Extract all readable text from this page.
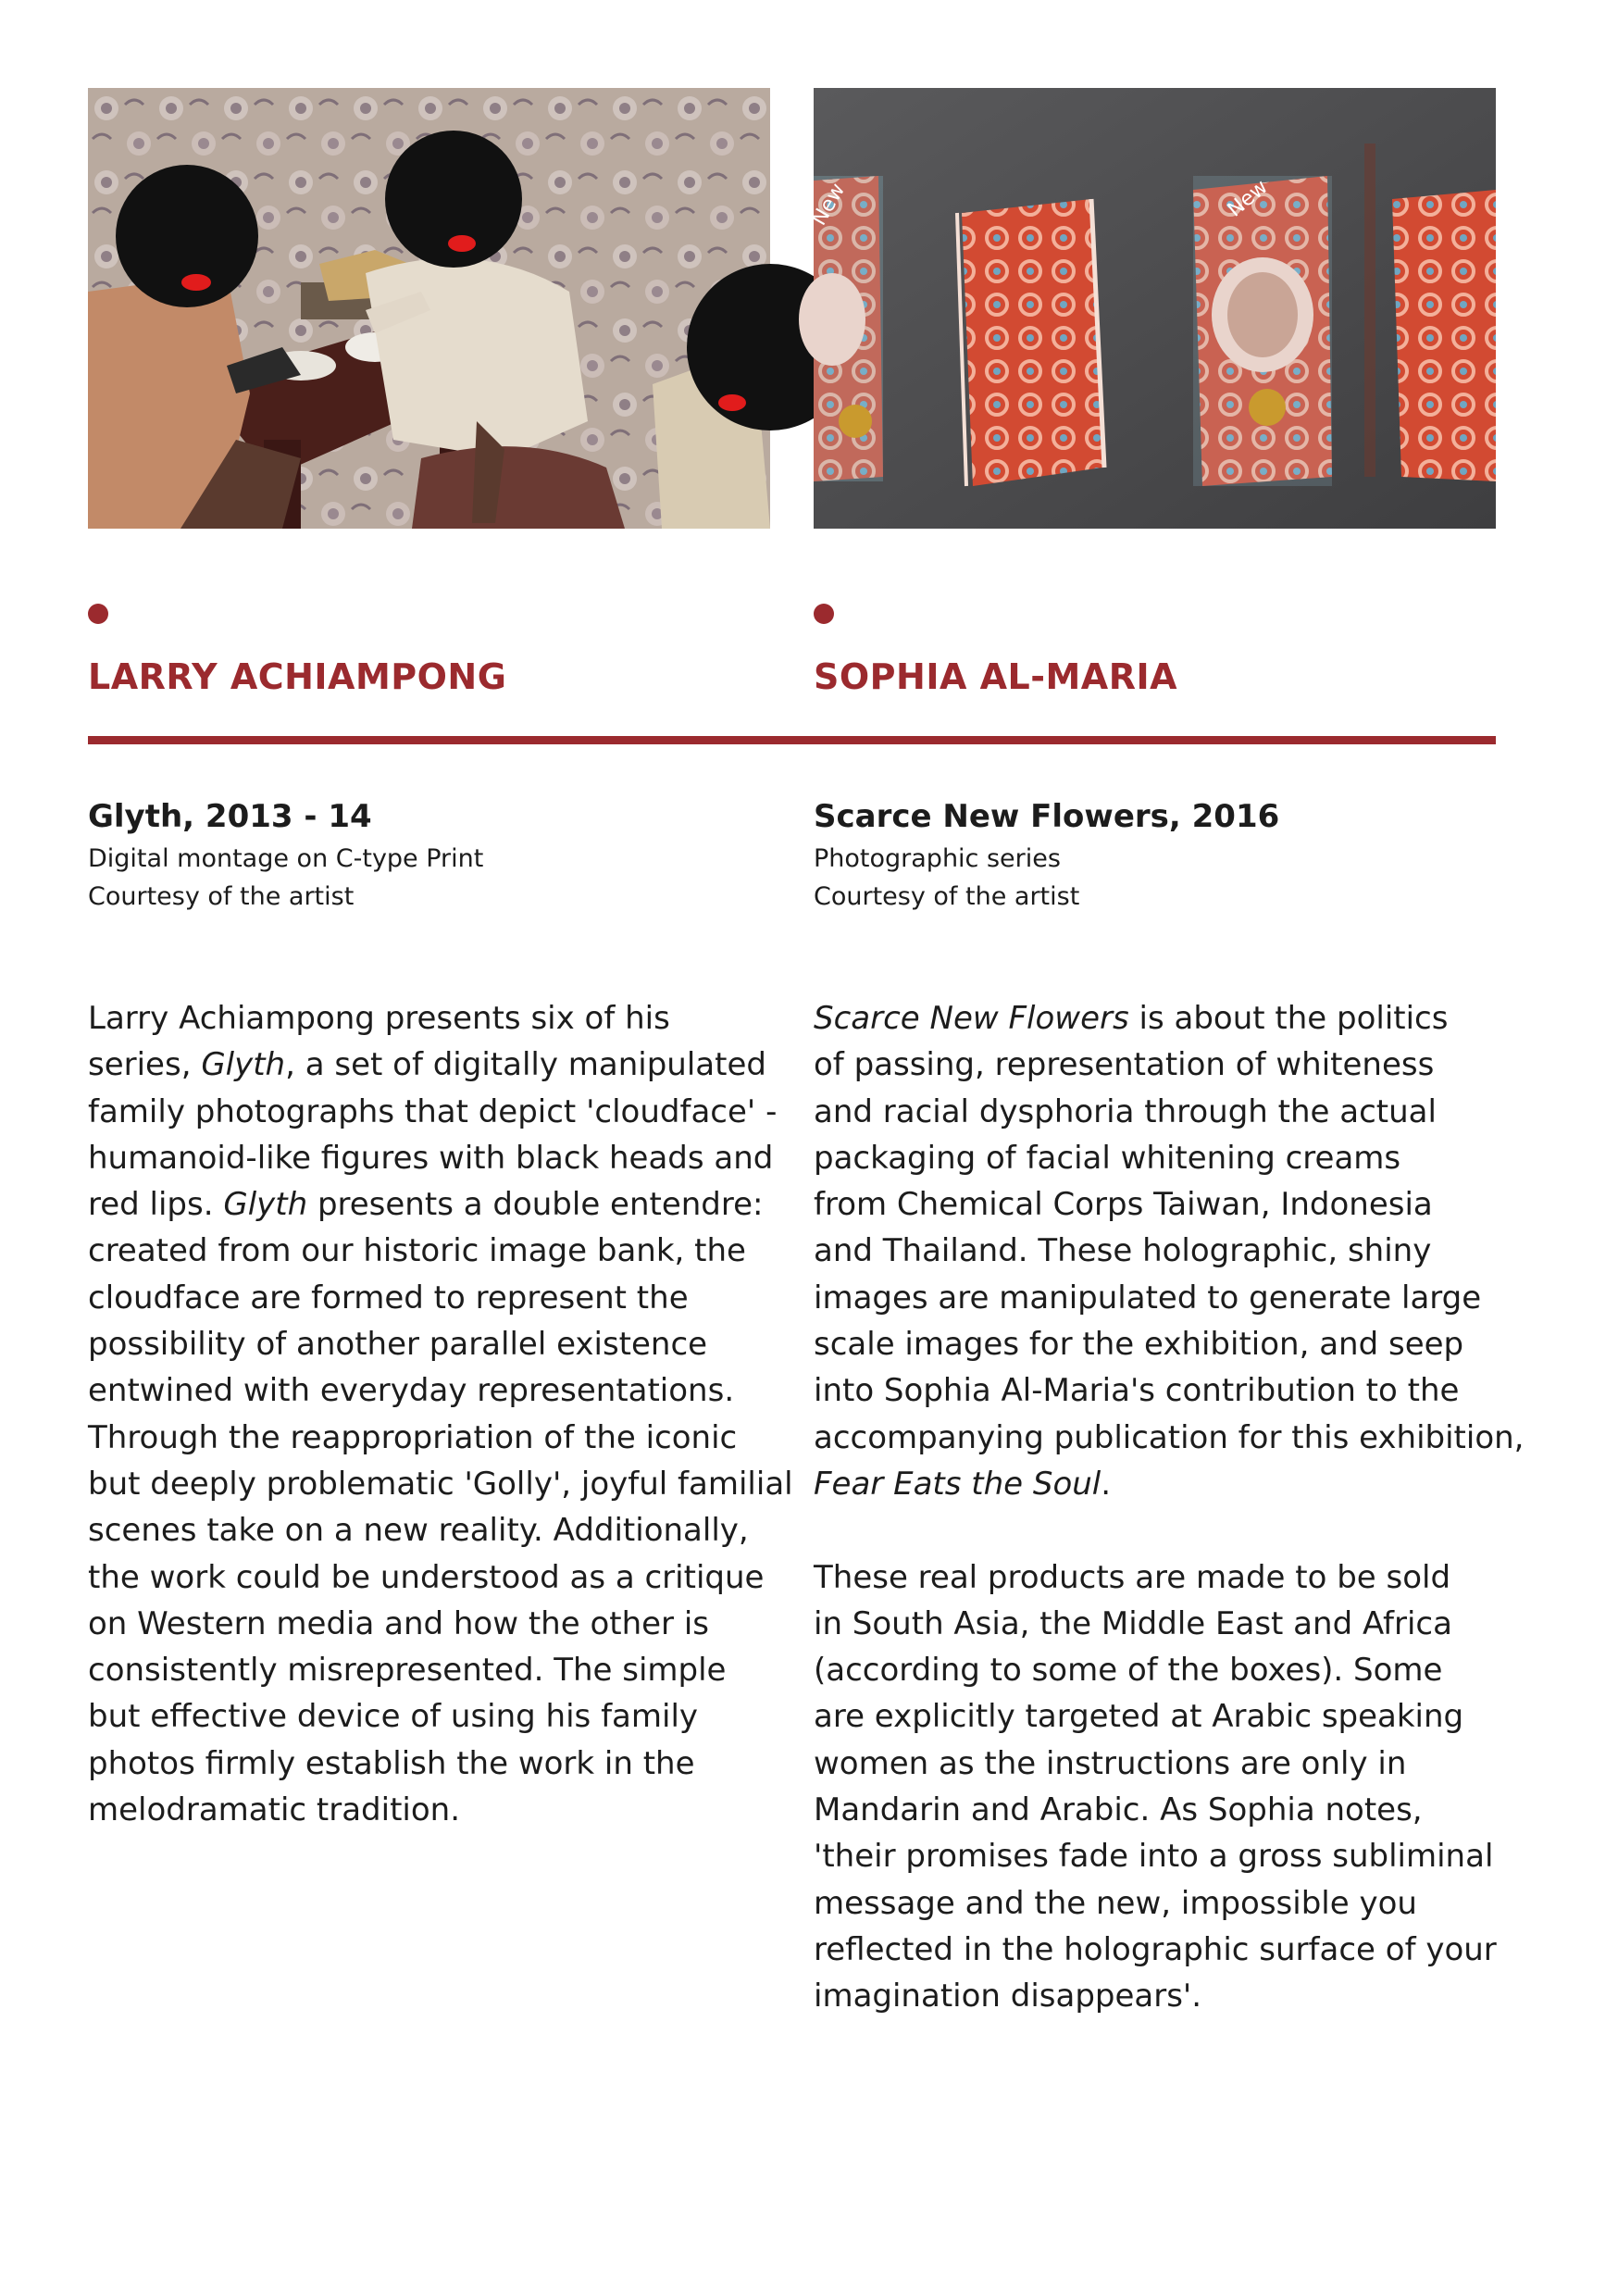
LARRY ACHIAMPONG
Glyth, 2013 - 14

Digital montage on C-type Print

Courtesy of the artist

Larry Achiampong presents six of his
series, Glyth, a set of digitally manipulated
family photographs that depict 'cloudface' -
humanoid-like figures with black heads and
red lips. Glyth presents a double entendre:
created from our historic image bank, the
cloudface are formed to represent the
possibility of another parallel existence
entwined with everyday representations.
Through the reappropriation of the iconic
but deeply problematic 'Golly', joyful familial
scenes take on a new reality. Additionally,
the work could be understood as a critique
on Western media and how the other is
consistently misrepresented. The simple
but effective device of using his family
photos firmly establish the work in the
melodramatic tradition.

New	New
SOPHIA AL-MARIA
Scarce New Flowers, 2016

Photographic series

Courtesy of the artist

Scarce New Flowers is about the politics
of passing, representation of whiteness
and racial dysphoria through the actual
packaging of facial whitening creams
from Chemical Corps Taiwan, Indonesia
and Thailand. These holographic, shiny
images are manipulated to generate large
scale images for the exhibition, and seep
into Sophia Al-Maria's contribution to the
accompanying publication for this exhibition,
Fear Eats the Soul.
These real products are made to be sold
in South Asia, the Middle East and Africa
(according to some of the boxes). Some
are explicitly targeted at Arabic speaking
women as the instructions are only in
Mandarin and Arabic. As Sophia notes,
'their promises fade into a gross subliminal
message and the new, impossible you
reflected in the holographic surface of your
imagination disappears'.
